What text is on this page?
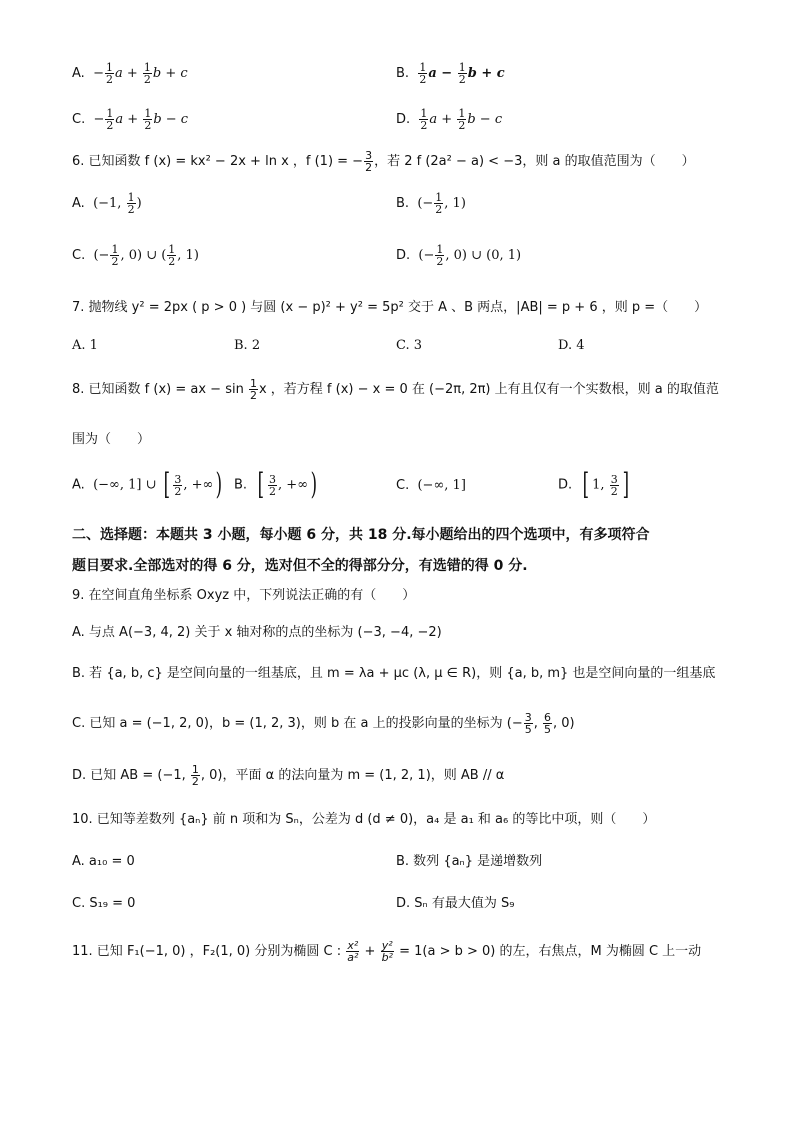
A. − $\frac{1}{2}$ $a + \frac{1}{2}$ b + c	B. $\frac{1}{2}$ $a - \frac{1}{2}$ b + c
C. − $\frac{1}{2}$ $a + \frac{1}{2}$ b − c	D. $\frac{1}{2}$ $a + \frac{1}{2}$ b − c
6. 已知函数 f (x) = kx² − 2x + ln x ，f (1) = − $\frac{3}{2}$ ，若 2 f (2a² − a) < −3，则 a 的取值范围为（　　）
A. (−1, $\frac{1}{2}$ )	B. (− $\frac{1}{2}$ , 1)
C. (− $\frac{1}{2}$ , 0) ∪ ( $\frac{1}{2}$ , 1)	D. (− $\frac{1}{2}$ , 0) ∪ (0, 1)
7. 抛物线 y² = 2px ( p > 0 ) 与圆 (x − p)² + y² = 5p² 交于 A 、B 两点，|AB| = p + 6 ，则 p =（　　）
A. 1	B. 2	C. 3	D. 4
8. 已知函数 f (x) = ax − $\sin \frac{1}{2}$ x ，若方程 f (x) − x = 0 在 (−2π, 2π) 上有且仅有一个实数根，则 a 的取值范
围为（　　）
A. (−∞, 1] ∪ [ $\frac{3}{2}$ , +∞) B. [ $\frac{3}{2}$ , +∞)	C. (−∞, 1]	D. [ 1, $\frac{3}{2}$ ]
二、选择题：本题共 3 小题，每小题 6 分，共 18 分.每小题给出的四个选项中，有多项符合
题目要求.全部选对的得 6 分，选对但不全的得部分分，有选错的得 0 分.
9. 在空间直角坐标系 Oxyz 中，下列说法正确的有（　　）
A. 与点 A(−3, 4, 2) 关于 x 轴对称的点的坐标为 (−3, −4, −2)
B. 若 {a, b, c} 是空间向量的一组基底，且 m = λa + μc (λ, μ ∈ R)，则 {a, b, m} 也是空间向量的一组基底
C. 已知 a = (−1, 2, 0)，b = (1, 2, 3)，则 b 在 a 上的投影向量的坐标为 (− $\frac{3}{5}$ , $\frac{6}{5}$ , 0)
D. 已知 AB = (−1, $\frac{1}{2}$ , 0)，平面 α 的法向量为 m = (1, 2, 1)，则 AB // α
10. 已知等差数列 {aₙ} 前 n 项和为 Sₙ，公差为 d (d ≠ 0)，a₄ 是 a₁ 和 a₆ 的等比中项，则（　　）
A. a₁₀ = 0	B. 数列 {aₙ} 是递增数列
C. S₁₉ = 0	D. Sₙ 有最大值为 S₉
11. 已知 F₁(−1, 0) ，F₂(1, 0) 分别为椭圆 C : $\frac{\text{x²}}{\text{a²}} + \frac{\text{y²}}{\text{b²}} = 1(a > b > 0)$ 的左，右焦点，M 为椭圆 C 上一动
